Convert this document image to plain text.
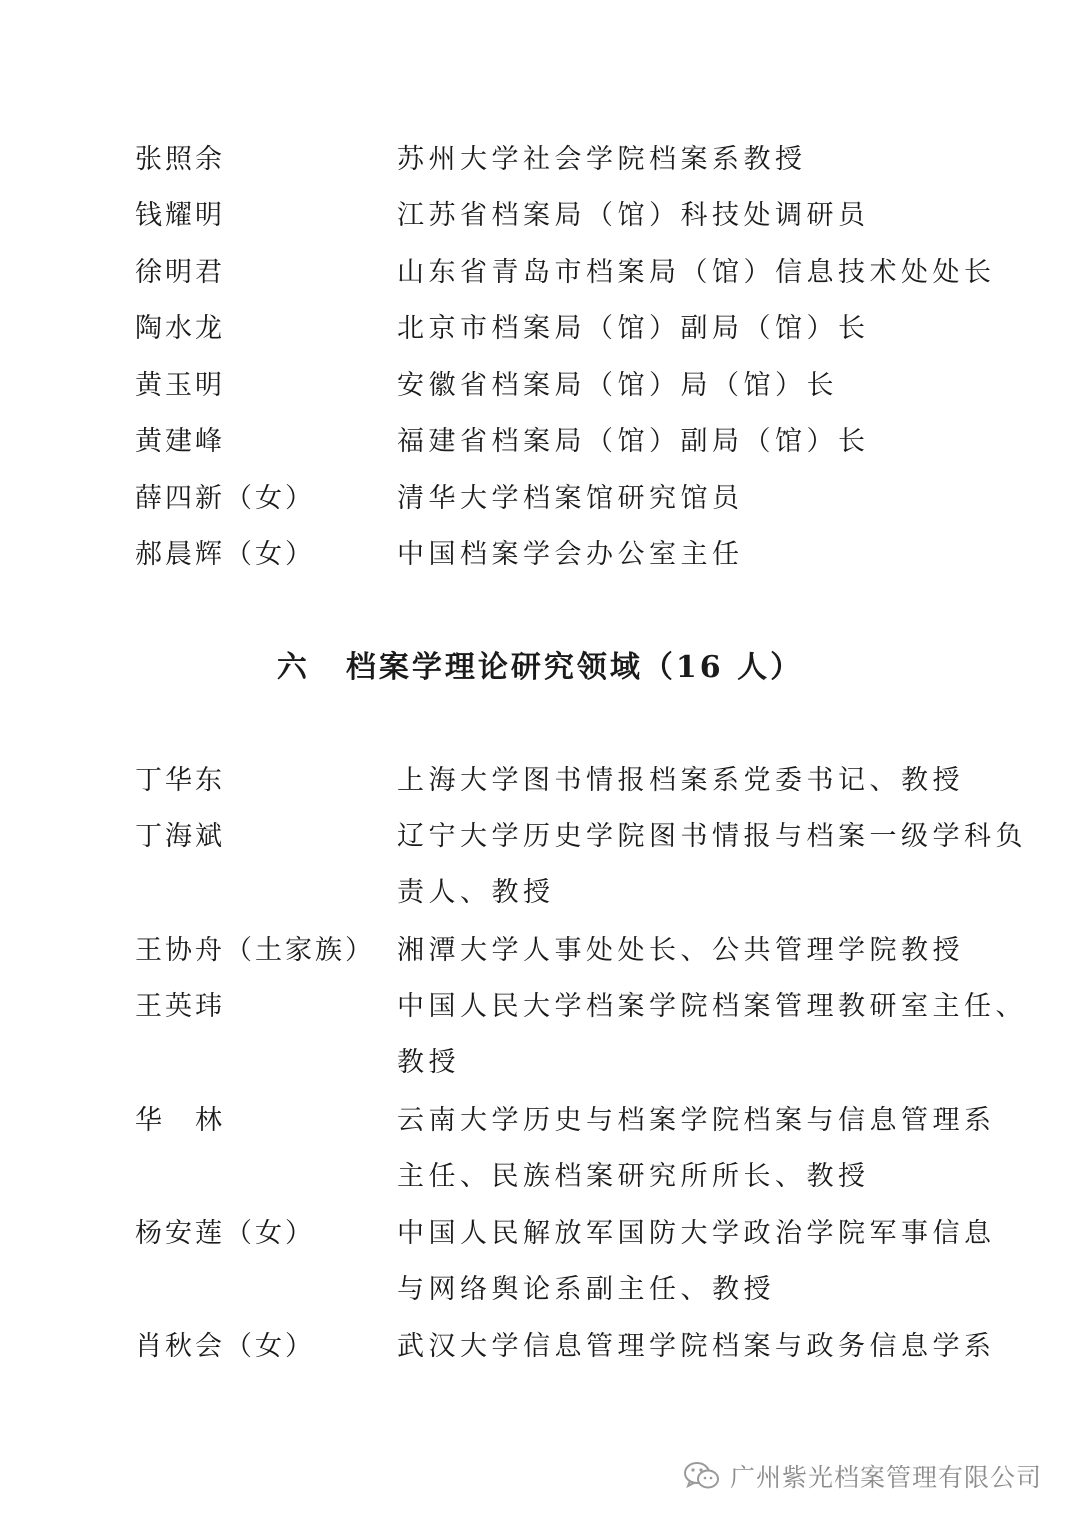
张照余	苏州大学社会学院档案系教授
钱耀明	江苏省档案局（馆）科技处调研员
徐明君	山东省青岛市档案局（馆）信息技术处处长
陶水龙	北京市档案局（馆）副局（馆）长
黄玉明	安徽省档案局（馆）局（馆）长
黄建峰	福建省档案局（馆）副局（馆）长
薛四新（女）	清华大学档案馆研究馆员
郝晨辉（女）	中国档案学会办公室主任
六 档案学理论研究领域（16 人）
丁华东	上海大学图书情报档案系党委书记、教授
丁海斌	辽宁大学历史学院图书情报与档案一级学科负
责人、教授
王协舟（土家族） 湘潭大学人事处处长、公共管理学院教授
王英玮	中国人民大学档案学院档案管理教研室主任、
教授
华　林	云南大学历史与档案学院档案与信息管理系
主任、民族档案研究所所长、教授
杨安莲（女）	中国人民解放军国防大学政治学院军事信息
与网络舆论系副主任、教授
肖秋会（女）	武汉大学信息管理学院档案与政务信息学系
广州紫光档案管理有限公司
